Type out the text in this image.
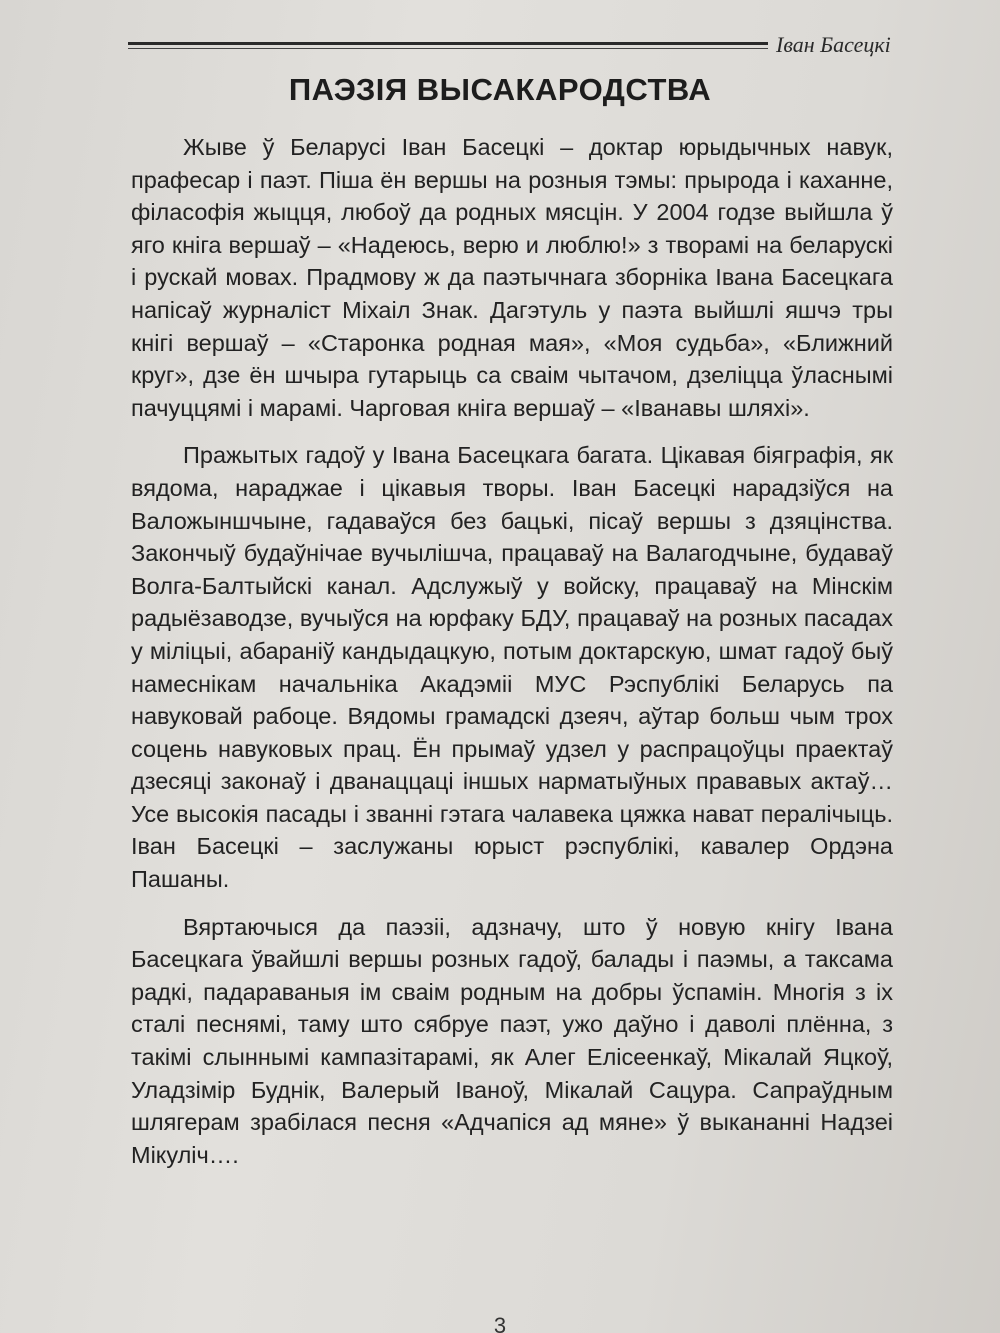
Іван Басецкі
ПАЭЗІЯ ВЫСАКАРОДСТВА

Жыве ў Беларусі Іван Басецкі – доктар юрыдычных навук, прафесар і паэт. Піша ён вершы на розныя тэмы: прырода і каханне, філасофія жыцця, любоў да родных мясцін. У 2004 годзе выйшла ў яго кніга вершаў – «Надеюсь, верю и люблю!» з творамі на беларускі і рускай мовах. Прадмову ж да паэтычнага зборніка Івана Басецкага напісаў журналіст Міхаіл Знак. Дагэтуль у паэта выйшлі яшчэ тры кнігі вершаў – «Старонка родная мая», «Моя судьба», «Ближний круг», дзе ён шчыра гутарыць са сваім чытачом, дзеліцца ўласнымі пачуццямі і марамі. Чарговая кніга вершаў – «Іванавы шляхі».

Пражытых гадоў у Івана Басецкага багата. Цікавая біяграфія, як вядома, нараджае і цікавыя творы. Іван Басецкі нарадзіўся на Валожыншчыне, гадаваўся без бацькі, пісаў вершы з дзяцінства. Закончыў будаўнічае вучылішча, працаваў на Валагодчыне, будаваў Волга-Балтыйскі канал. Адслужыў у войску, працаваў на Мінскім радыёзаводзе, вучыўся на юрфаку БДУ, працаваў на розных пасадах у міліцыі, абараніў кандыдацкую, потым доктарскую, шмат гадоў быў намеснікам начальніка Акадэміі МУС Рэспублікі Беларусь па навуковай рабоце. Вядомы грамадскі дзеяч, аўтар больш чым трох соцень навуковых прац. Ён прымаў удзел у распрацоўцы праектаў дзесяці законаў і дванаццаці іншых нарматыўных прававых актаў… Усе высокія пасады і званні гэтага чалавека цяжка нават пералічыць. Іван Басецкі – заслужаны юрыст рэспублікі, кавалер Ордэна Пашаны.

Вяртаючыся да паэзіі, адзначу, што ў новую кнігу Івана Басецкага ўвайшлі вершы розных гадоў, балады і паэмы, а таксама радкі, падараваныя ім сваім родным на добры ўспамін. Многія з іх сталі песнямі, таму што сябруе паэт, ужо даўно і даволі плённа, з такімі слыннымі кампазітарамі, як Алег Елісеенкаў, Мікалай Яцкоў, Уладзімір Буднік, Валерый Іваноў, Мікалай Сацура. Сапраўдным шлягерам зрабілася песня «Адчапіся ад мяне» ў выкананні Надзеі Мікуліч….

3
